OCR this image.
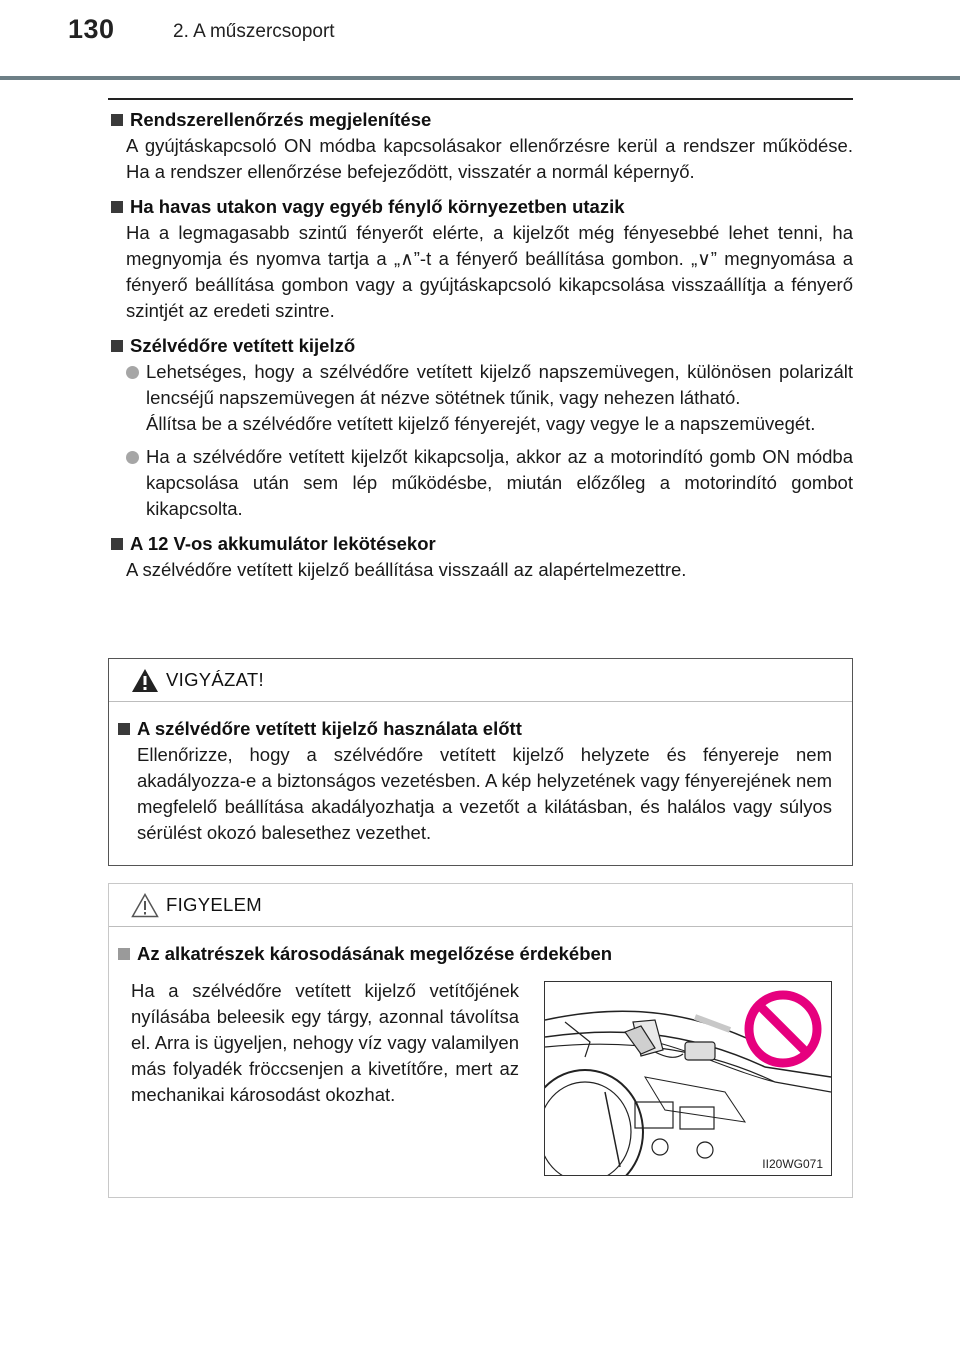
130	2. A műszercsoport
Rendszerellenőrzés megjelenítése
A gyújtáskapcsoló ON módba kapcsolásakor ellenőrzésre kerül a rendszer működése. Ha a rendszer ellenőrzése befejeződött, visszatér a normál képernyő.
Ha havas utakon vagy egyéb fénylő környezetben utazik
Ha a legmagasabb szintű fényerőt elérte, a kijelzőt még fényesebbé lehet tenni, ha megnyomja és nyomva tartja a „∧”-t a fényerő beállítása gombon. „∨” megnyomása a fényerő beállítása gombon vagy a gyújtáskapcsoló kikapcsolása visszaállítja a fényerő szintjét az eredeti szintre.
Szélvédőre vetített kijelző
Lehetséges, hogy a szélvédőre vetített kijelző napszemüvegen, különösen polarizált lencséjű napszemüvegen át nézve sötétnek tűnik, vagy nehezen látható.
Állítsa be a szélvédőre vetített kijelző fényerejét, vagy vegye le a napszemüvegét.
Ha a szélvédőre vetített kijelzőt kikapcsolja, akkor az a motorindító gomb ON módba kapcsolása után sem lép működésbe, miután előzőleg a motorindító gombot kikapcsolta.
A 12 V-os akkumulátor lekötésekor
A szélvédőre vetített kijelző beállítása visszaáll az alapértelmezettre.
VIGYÁZAT!
A szélvédőre vetített kijelző használata előtt
Ellenőrizze, hogy a szélvédőre vetített kijelző helyzete és fényereje nem akadályozza-e a biztonságos vezetésben. A kép helyzetének vagy fényerejének nem megfelelő beállítása akadályozhatja a vezetőt a kilátásban, és halálos vagy súlyos sérülést okozó balesethez vezethet.
FIGYELEM
Az alkatrészek károsodásának megelőzése érdekében
Ha a szélvédőre vetített kijelző vetítőjének nyílásába beleesik egy tárgy, azonnal távolítsa el. Arra is ügyeljen, nehogy víz vagy valamilyen más folyadék fröccsenjen a kivetítőre, mert az mechanikai károsodást okozhat.
II20WG071
